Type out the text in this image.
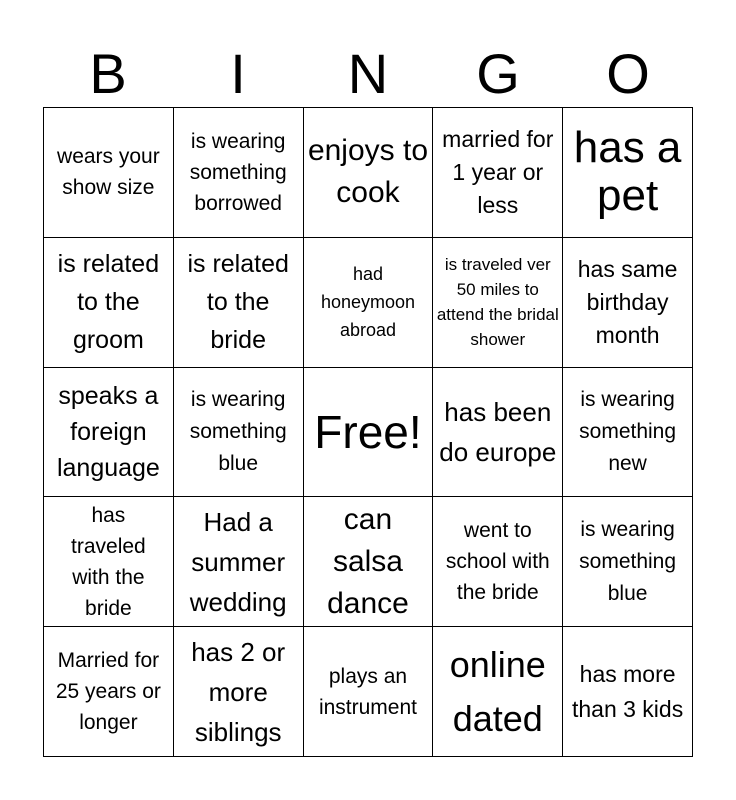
B	I	N	G	O
wears your show size
is wearing something borrowed
enjoys to cook
married for 1 year or less
has a pet
is related to the groom
is related to the bride
had honeymoon abroad
is traveled ver 50 miles to attend the bridal shower
has same birthday month
speaks a foreign language
is wearing something blue
Free! has been do europe
is wearing something new
has traveled with the bride
Had a summer wedding
can salsa dance
went to school with the bride
is wearing something blue
Married for 25 years or longer
has 2 or more siblings
plays an instrument
online dated
has more than 3 kids
